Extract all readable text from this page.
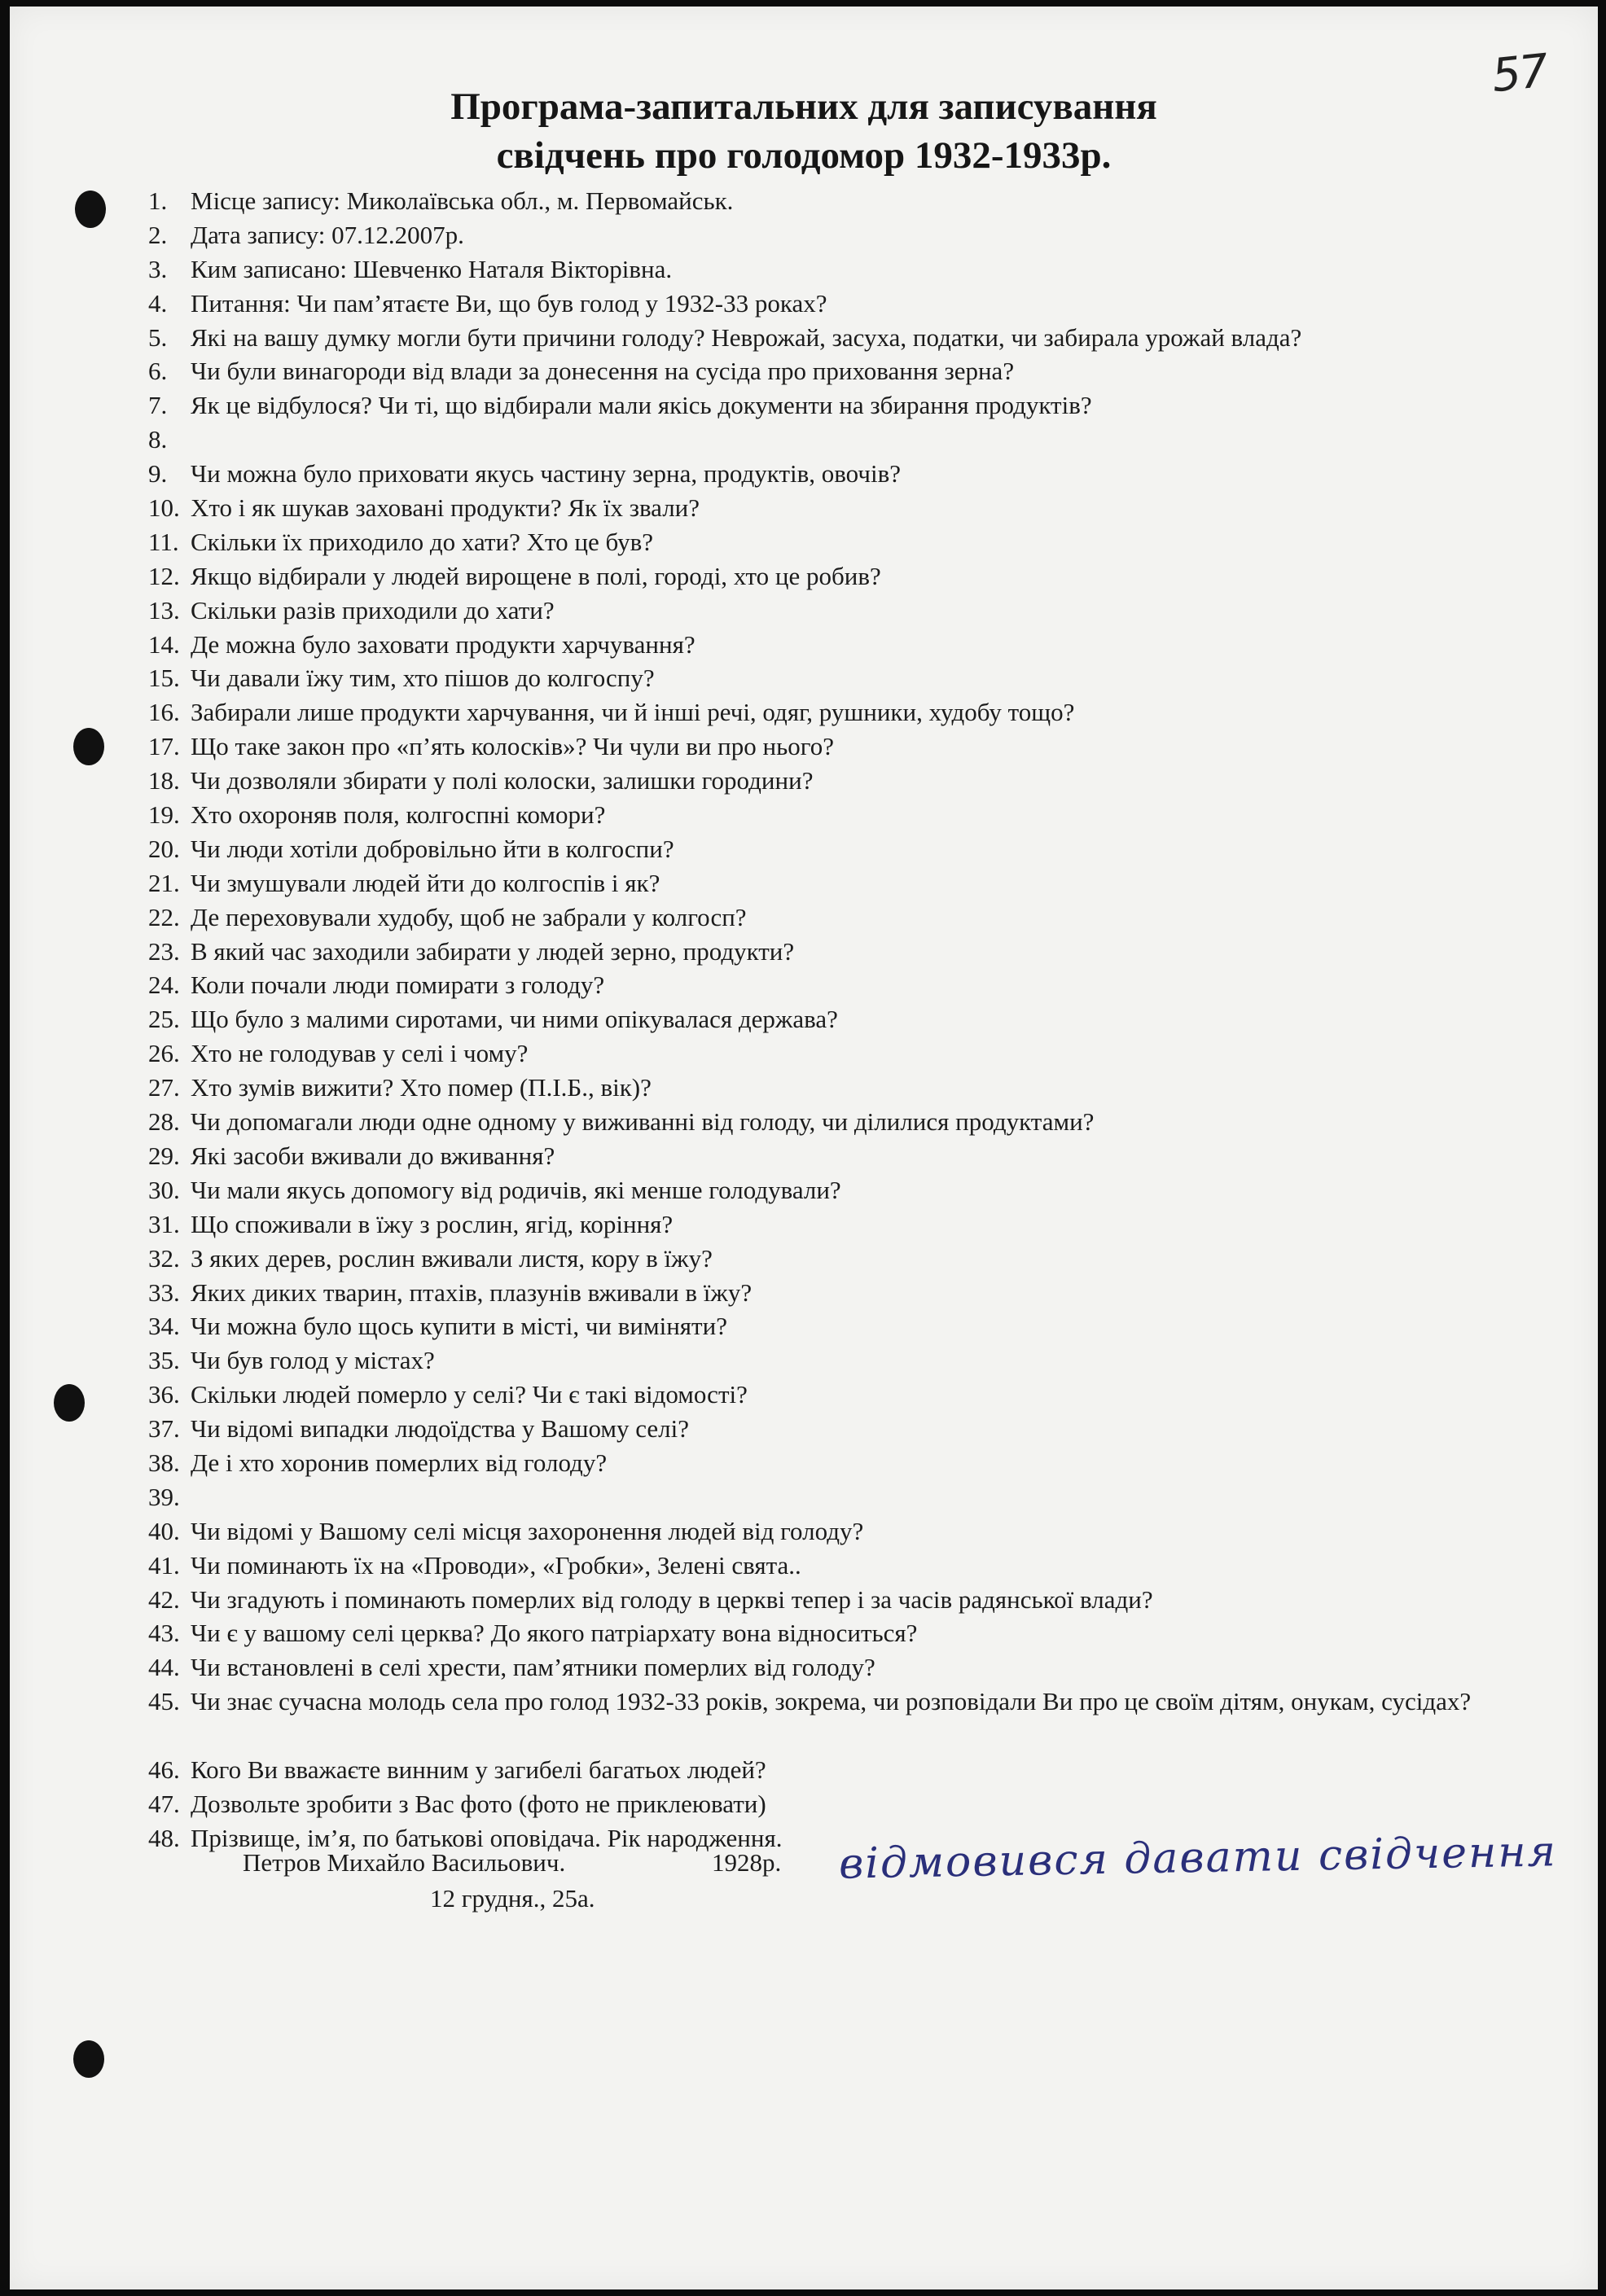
57
Програма-запитальних для записування
свідчень про голодомор 1932-1933р.
1. Місце запису: Миколаївська обл., м. Первомайськ.
2. Дата запису: 07.12.2007р.
3. Ким записано: Шевченко Наталя Вікторівна.
4. Питання: Чи пам’ятаєте Ви, що був голод у 1932-33 роках?
5. Які на вашу думку могли бути причини голоду? Неврожай, засуха, податки, чи забирала урожай влада?
6. Чи були винагороди від влади за донесення на сусіда про приховання зерна?
7. Як це відбулося? Чи ті, що відбирали мали якісь документи на збирання продуктів?
8.
9. Чи можна було приховати якусь частину зерна, продуктів, овочів?
10. Хто і як шукав заховані продукти? Як їх звали?
11. Скільки їх приходило до хати? Хто це був?
12. Якщо відбирали у людей вирощене в полі, городі, хто це робив?
13. Скільки разів приходили до хати?
14. Де можна було заховати продукти харчування?
15. Чи давали їжу тим, хто пішов до колгоспу?
16. Забирали лише продукти харчування, чи й інші речі, одяг, рушники, худобу тощо?
17. Що таке закон про «п’ять колосків»? Чи чули ви про нього?
18. Чи дозволяли збирати у полі колоски, залишки городини?
19. Хто охороняв поля, колгоспні комори?
20. Чи люди хотіли добровільно йти в колгоспи?
21. Чи змушували людей йти до колгоспів і як?
22. Де переховували худобу, щоб не забрали у колгосп?
23. В який час заходили забирати у людей зерно, продукти?
24. Коли почали люди помирати з голоду?
25. Що було з малими сиротами, чи ними опікувалася держава?
26. Хто не голодував у селі і чому?
27. Хто зумів вижити? Хто помер (П.І.Б., вік)?
28. Чи допомагали люди одне одному у виживанні від голоду, чи ділилися продуктами?
29. Які засоби вживали до вживання?
30. Чи мали якусь допомогу від родичів, які менше голодували?
31. Що споживали в їжу з рослин, ягід, коріння?
32. З яких дерев, рослин вживали листя, кору в їжу?
33. Яких диких тварин, птахів, плазунів вживали в їжу?
34. Чи можна було щось купити в місті, чи виміняти?
35. Чи був голод у містах?
36. Скільки людей померло у селі? Чи є такі відомості?
37. Чи відомі випадки людоїдства у Вашому селі?
38. Де і хто хоронив померлих від голоду?
39.
40. Чи відомі у Вашому селі місця захоронення людей від голоду?
41. Чи поминають їх на «Проводи», «Гробки», Зелені свята..
42. Чи згадують і поминають померлих від голоду в церкві тепер і за часів радянської влади?
43. Чи є у вашому селі церква? До якого патріархату вона відноситься?
44. Чи встановлені в селі хрести, пам’ятники померлих від голоду?
45. Чи знає сучасна молодь села про голод 1932-33 років, зокрема, чи розповідали Ви про це своїм дітям, онукам, сусідах?
46. Кого Ви вважаєте винним у загибелі багатьох людей?
47. Дозвольте зробити з Вас фото (фото не приклеювати)
48. Прізвище, ім’я, по батькові оповідача. Рік народження.
Петров Михайло Васильович.	1928р.
12 грудня., 25а.
відмовився давати свідчення
